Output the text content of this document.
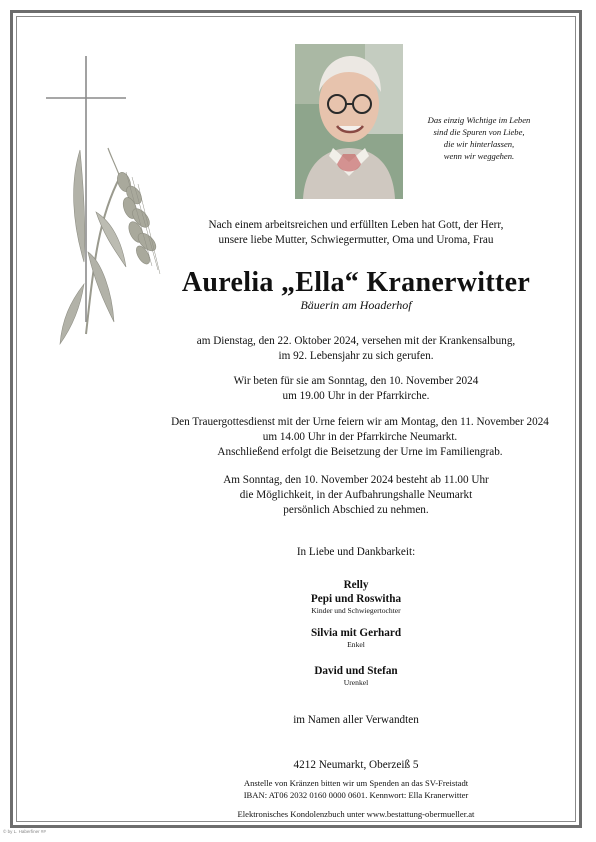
Das einzig Wichtige im Leben
sind die Spuren von Liebe,
die wir hinterlassen,
wenn wir weggehen.
Nach einem arbeitsreichen und erfüllten Leben hat Gott, der Herr,
unsere liebe Mutter, Schwiegermutter, Oma und Uroma, Frau
Aurelia „Ella“ Kranerwitter
Bäuerin am Hoaderhof
am Dienstag, den 22. Oktober 2024, versehen mit der Krankensalbung,
im 92. Lebensjahr zu sich gerufen.
Wir beten für sie am Sonntag, den 10. November 2024
um 19.00 Uhr in der Pfarrkirche.
Den Trauergottesdienst mit der Urne feiern wir am Montag, den 11. November 2024
um 14.00 Uhr in der Pfarrkirche Neumarkt.
Anschließend erfolgt die Beisetzung der Urne im Familiengrab.
Am Sonntag, den 10. November 2024 besteht ab 11.00 Uhr
die Möglichkeit, in der Aufbahrungshalle Neumarkt
persönlich Abschied zu nehmen.
In Liebe und Dankbarkeit:
Relly
Pepi und Roswitha
Kinder und Schwiegertochter
Silvia mit Gerhard
Enkel
David und Stefan
Urenkel
im Namen aller Verwandten
4212 Neumarkt, Oberzeiß 5
Anstelle von Kränzen bitten wir um Spenden an das SV-Freistadt
IBAN: AT06 2032 0160 0000 0601. Kennwort: Ella Kranerwitter
Elektronisches Kondolenzbuch unter www.bestattung-obermueller.at
© by L. Haberfiner ##
